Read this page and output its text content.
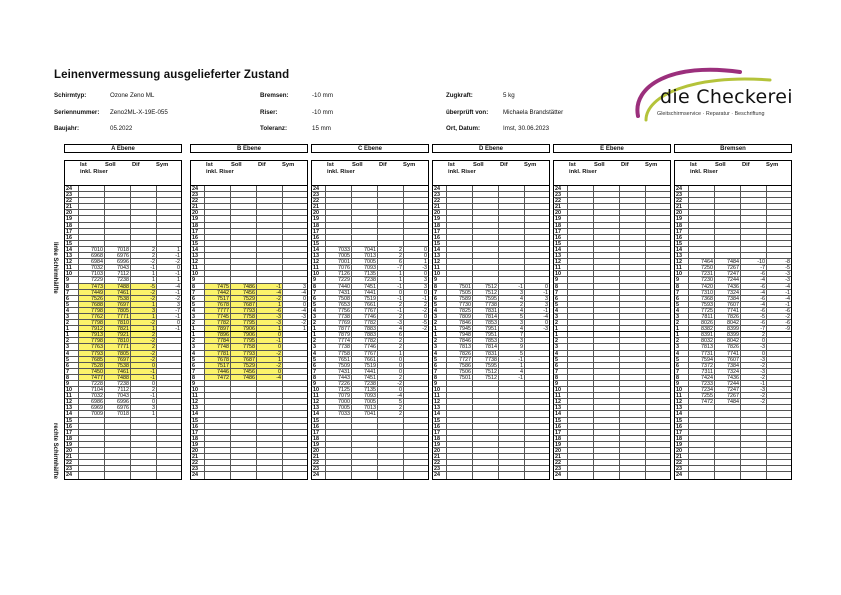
Leinenvermessung ausgelieferter Zustand
Schirmtyp:	Ozone Zeno ML
Seriennummer: Zeno2ML-X-19E-055
Baujahr:	05.2022
Bremsen:	-10 mm
Riser:	-10 mm
Toleranz:	15 mm
Zugkraft:	5 kg
überprüft von: Michaela Brandstätter
Ort, Datum:	Imst, 30.06.2023
die Checkerei
Gleitschirmservice · Reparatur · Beschriftung
linke Schirmhälfte
rechte Schirmhälfte
A Ebene
Ist	Soll	Dif	Sym
inkl. Riser
24
23
22
21
20
19
18
17
16
15
14	7010	7018	2	1
13	6968	6976	2	-1
12	6984	6996	-2	-2
11	7032	7043	-1	0
10	7103	7112	1	-1
9	7229	7238	1	1
8	7473	7488	-5	-4
7	7449	7461	-2	-1
6	7526	7538	-2	-2
5	7688	7697	1	3
4	7798	7805	3	-7
3	7762	7771	1	-1
2	7798	7810	-2	0
1	7912	7821	1	-1
1	7913	7921	2
2	7798	7810	-2
3	7763	7771	2
4	7793	7805	-2
5	7685	7697	-2
6	7528	7538	0
7	7450	7461	-1
8	7477	7488	-1
9	7228	7238	0
10	7104	7112	2
11	7032	7043	-1
12	6986	6996	0
13	6969	6976	3
14	7009	7018	1
15
16
17
18
19
20
21
22
23
24
B Ebene
Ist	Soll	Dif	Sym
inkl. Riser
24
23
22
21
20
19
18
17
16
15
14
13
12
11
10
9
8	7475	7486	-1	3
7	7442	7456	-4	-4
6	7517	7529	-2	0
5	7678	7687	1	0
4	7777	7793	-6	-4
3	7745	7758	-3	-3
2	7782	7795	-3	-2
1	7897	7906	1	1
1	7896	7906	0
2	7784	7795	-1
3	7748	7758	0
4	7781	7793	-2
5	7678	7687	1
6	7517	7529	-2
7	7446	7456	0
8	7472	7486	-4
9
10
11
12
13
14
15
16
17
18
19
20
21
22
23
24
C Ebene
Ist	Soll	Dif	Sym
inkl. Riser
24
23
22
21
20
19
18
17
16
15
14	7033	7041	2	0
13	7005	7013	2	0
12	7001	7005	6	1
11	7076	7093	-7	-3
10	7126	7135	1	0
9	7229	7238	1	3
8	7440	7451	-1	3
7	7431	7441	0	0
6	7508	7519	-1	-1
5	7653	7661	2	2
4	7756	7767	-1	-2
3	7738	7746	2	0
2	7769	7782	-3	-5
1	7877	7883	4	-2
1	7879	7883	6
2	7774	7782	2
3	7738	7746	2
4	7758	7767	1
5	7651	7661	0
6	7509	7519	0
7	7431	7441	0
8	7443	7451	2
9	7226	7238	-2
10	7125	7135	0
11	7079	7093	-4
12	7000	7005	5
13	7005	7013	2
14	7033	7041	2
15
16
17
18
19
20
21
22
23
24
D Ebene
Ist	Soll	Dif	Sym
inkl. Riser
24
23
22
21
20
19
18
17
16
15
14
13
12
11
10
9
8	7501	7512	-1	0
7	7505	7512	3	-1
6	7589	7595	4	3
5	7730	7738	2	3
4	7825	7831	4	-1
3	7809	7814	5	-4
2	7846	7853	3	0
1	7945	7951	4	-3
1	7948	7951	7
2	7846	7853	3
3	7813	7814	9
4	7826	7831	5
5	7727	7738	-1
6	7586	7595	1
7	7506	7512	4
8	7501	7512	-1
9
10
11
12
13
14
15
16
17
18
19
20
21
22
23
24
E Ebene
Ist	Soll	Dif	Sym
inkl. Riser
24
23
22
21
20
19
18
17
16
15
14
13
12
11
10
9
8
7
6
5
4
3
2
1
1
2
3
4
5
6
7
8
9
10
11
12
13
14
15
16
17
18
19
20
21
22
23
24
Bremsen
Ist	Soll	Dif	Sym
inkl. Riser
24
23
22
21
20
19
18
17
16
15
14
13
12	7464	7484	-10	-8
11	7250	7267	-7	-5
10	7231	7247	-6	-3
9	7230	7244	-4	-3
8	7420	7436	-6	-4
7	7310	7324	-4	-1
6	7368	7384	-6	-4
5	7593	7607	-4	-1
4	7725	7741	-6	-6
3	7811	7826	-5	-2
2	8026	8042	-6	-6
1	8382	8399	-7	-9
1	8391	8399	2
2	8032	8042	0
3	7813	7826	-3
4	7731	7741	0
5	7594	7607	-3
6	7372	7384	-2
7	7311	7324	-3
8	7424	7436	-2
9	7233	7244	-1
10	7234	7247	-3
11	7255	7267	-2
12	7472	7484	-2
13
14
15
16
17
18
19
20
21
22
23
24
